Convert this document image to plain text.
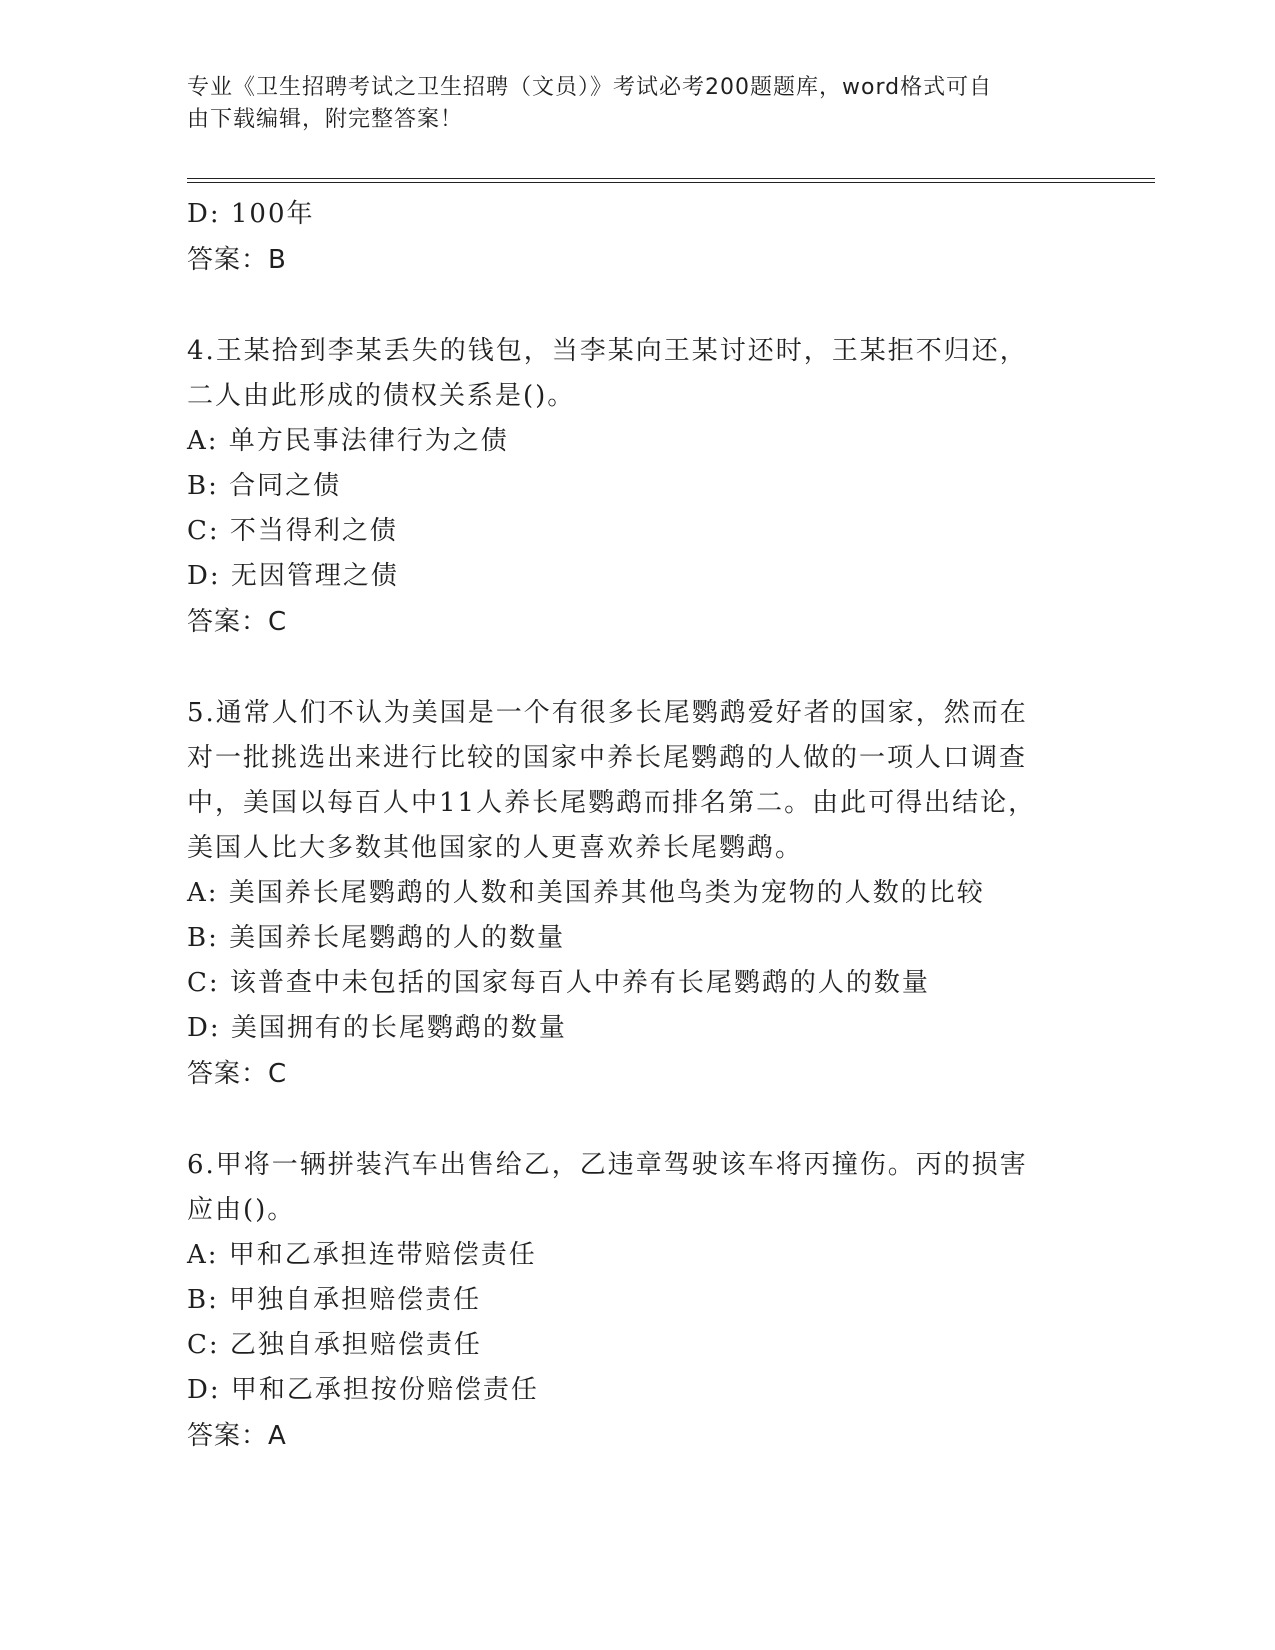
专业《卫生招聘考试之卫生招聘（文员）》考试必考200题题库，word格式可自
由下载编辑，附完整答案！
D: 100年
答案：B
4.王某拾到李某丢失的钱包，当李某向王某讨还时，王某拒不归还，
二人由此形成的债权关系是()。
A: 单方民事法律行为之债
B: 合同之债
C: 不当得利之债
D: 无因管理之债
答案：C
5.通常人们不认为美国是一个有很多长尾鹦鹉爱好者的国家，然而在
对一批挑选出来进行比较的国家中养长尾鹦鹉的人做的一项人口调查
中，美国以每百人中11人养长尾鹦鹉而排名第二。由此可得出结论，
美国人比大多数其他国家的人更喜欢养长尾鹦鹉。
A: 美国养长尾鹦鹉的人数和美国养其他鸟类为宠物的人数的比较
B: 美国养长尾鹦鹉的人的数量
C: 该普查中未包括的国家每百人中养有长尾鹦鹉的人的数量
D: 美国拥有的长尾鹦鹉的数量
答案：C
6.甲将一辆拼装汽车出售给乙，乙违章驾驶该车将丙撞伤。丙的损害
应由()。
A: 甲和乙承担连带赔偿责任
B: 甲独自承担赔偿责任
C: 乙独自承担赔偿责任
D: 甲和乙承担按份赔偿责任
答案：A
